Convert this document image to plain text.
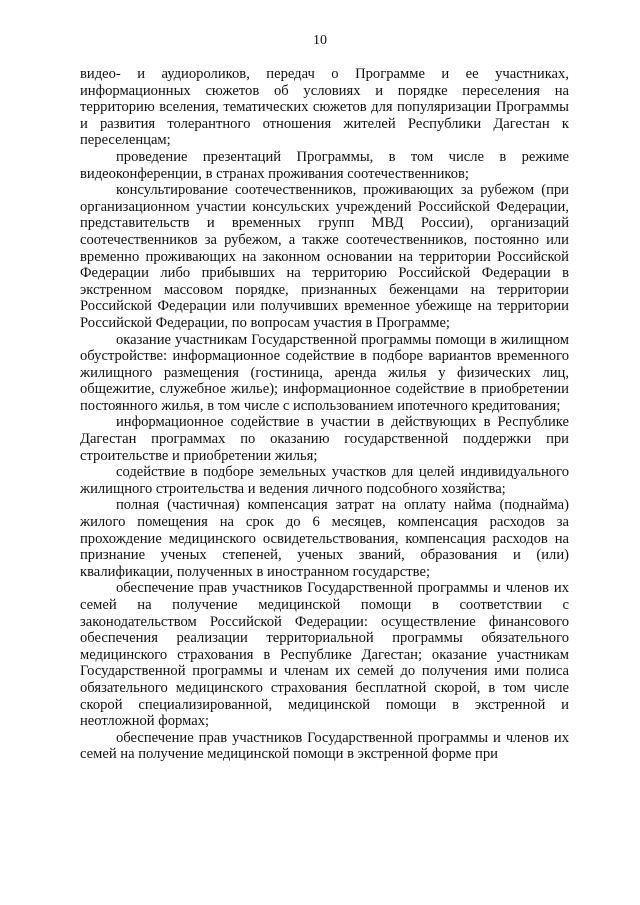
10

видео- и аудиороликов, передач о Программе и ее участниках, информационных сюжетов об условиях и порядке переселения на территорию вселения, тематических сюжетов для популяризации Программы и развития толерантного отношения жителей Республики Дагестан к переселенцам;

проведение презентаций Программы, в том числе в режиме видеоконференции, в странах проживания соотечественников;

консультирование соотечественников, проживающих за рубежом (при организационном участии консульских учреждений Российской Федерации, представительств и временных групп МВД России), организаций соотечественников за рубежом, а также соотечественников, постоянно или временно проживающих на законном основании на территории Российской Федерации либо прибывших на территорию Российской Федерации в экстренном массовом порядке, признанных беженцами на территории Российской Федерации или получивших временное убежище на территории Российской Федерации, по вопросам участия в Программе;

оказание участникам Государственной программы помощи в жилищном обустройстве: информационное содействие в подборе вариантов временного жилищного размещения (гостиница, аренда жилья у физических лиц, общежитие, служебное жилье); информационное содействие в приобретении постоянного жилья, в том числе с использованием ипотечного кредитования;

информационное содействие в участии в действующих в Республике Дагестан программах по оказанию государственной поддержки при строительстве и приобретении жилья;

содействие в подборе земельных участков для целей индивидуального жилищного строительства и ведения личного подсобного хозяйства;

полная (частичная) компенсация затрат на оплату найма (поднайма) жилого помещения на срок до 6 месяцев, компенсация расходов за прохождение медицинского освидетельствования, компенсация расходов на признание ученых степеней, ученых званий, образования и (или) квалификации, полученных в иностранном государстве;

обеспечение прав участников Государственной программы и членов их семей на получение медицинской помощи в соответствии с законодательством Российской Федерации: осуществление финансового обеспечения реализации территориальной программы обязательного медицинского страхования в Республике Дагестан; оказание участникам Государственной программы и членам их семей до получения ими полиса обязательного медицинского страхования бесплатной скорой, в том числе скорой специализированной, медицинской помощи в экстренной и неотложной формах;

обеспечение прав участников Государственной программы и членов их семей на получение медицинской помощи в экстренной форме при
